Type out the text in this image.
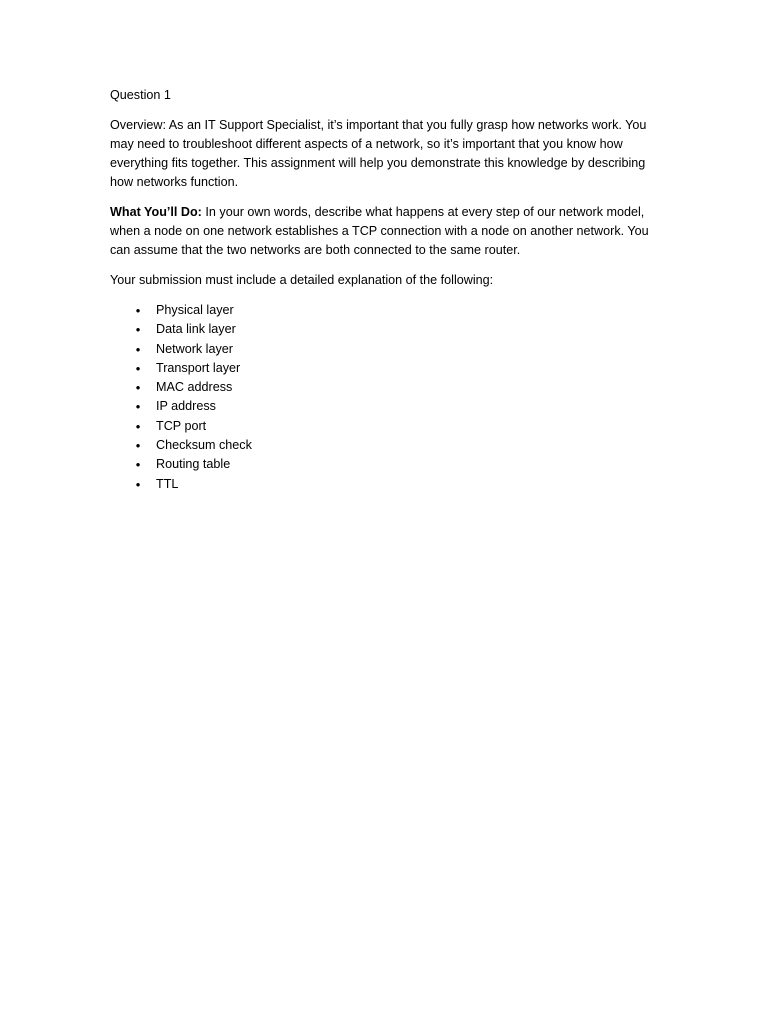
Question 1

Overview: As an IT Support Specialist, it’s important that you fully grasp how networks work. You may need to troubleshoot different aspects of a network, so it’s important that you know how everything fits together. This assignment will help you demonstrate this knowledge by describing how networks function.

What You’ll Do: In your own words, describe what happens at every step of our network model, when a node on one network establishes a TCP connection with a node on another network. You can assume that the two networks are both connected to the same router.

Your submission must include a detailed explanation of the following:

• Physical layer
• Data link layer
• Network layer
• Transport layer
• MAC address
• IP address
• TCP port
• Checksum check
• Routing table
• TTL
